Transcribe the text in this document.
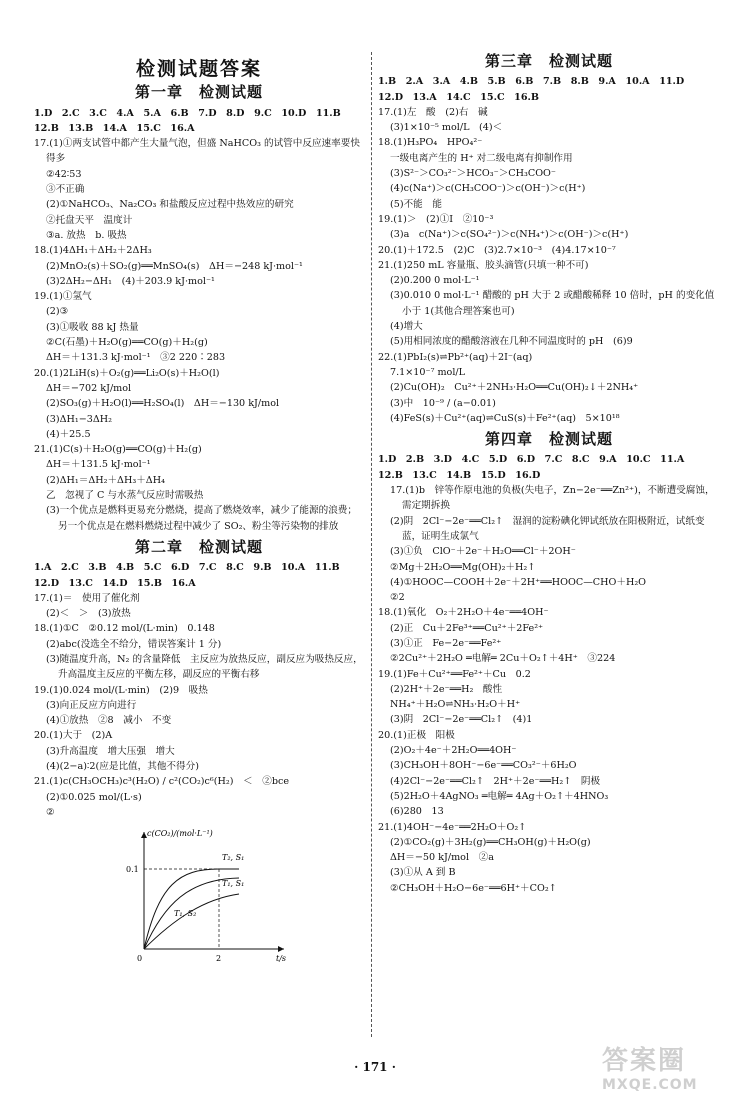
检测试题答案
第一章　检测试题
1.D　2.C　3.C　4.A　5.A　6.B　7.D　8.D　9.C　10.D　11.B
12.B　13.B　14.A　15.C　16.A
17.(1)①两支试管中都产生大量气泡，但盛 NaHCO₃ 的试管中反应速率要快得多
②42∶53
③不正确
(2)①NaHCO₃、Na₂CO₃ 和盐酸反应过程中热效应的研究
②托盘天平　温度计
③a. 放热　b. 吸热
18.(1)4ΔH₁＋ΔH₂＋2ΔH₃
(2)MnO₂(s)＋SO₂(g)══MnSO₄(s)　ΔH＝−248 kJ·mol⁻¹
(3)2ΔH₂−ΔH₁　(4)＋203.9 kJ·mol⁻¹
19.(1)①氢气
(2)③
(3)①吸收 88 kJ 热量
②C(石墨)＋H₂O(g)══CO(g)＋H₂(g)
ΔH＝＋131.3 kJ·mol⁻¹　③2 220∶283
20.(1)2LiH(s)＋O₂(g)══Li₂O(s)＋H₂O(l)
ΔH＝−702 kJ/mol
(2)SO₃(g)＋H₂O(l)══H₂SO₄(l)　ΔH＝−130 kJ/mol
(3)ΔH₁−3ΔH₂
(4)＋25.5
21.(1)C(s)＋H₂O(g)══CO(g)＋H₂(g)
ΔH＝＋131.5 kJ·mol⁻¹
(2)ΔH₁＝ΔH₂＋ΔH₃＋ΔH₄
乙　忽视了 C 与水蒸气反应时需吸热
(3)一个优点是燃料更易充分燃烧，提高了燃烧效率，减少了能源的浪费；另一个优点是在燃料燃烧过程中减少了 SO₂、粉尘等污染物的排放
第二章　检测试题
1.A　2.C　3.B　4.B　5.C　6.D　7.C　8.C　9.B　10.A　11.B
12.D　13.C　14.D　15.B　16.A
17.(1)＝　使用了催化剂
(2)＜　＞　(3)放热
18.(1)①C　②0.12 mol/(L·min)　0.148
(2)abc(没选全不给分，错误答案计 1 分)
(3)随温度升高，N₂ 的含量降低　主反应为放热反应，副反应为吸热反应，升高温度主反应的平衡左移，副反应的平衡右移
19.(1)0.024 mol/(L·min)　(2)9　吸热
(3)向正反应方向进行
(4)①放热　②8　减小　不变
20.(1)大于　(2)A
(3)升高温度　增大压强　增大
(4)(2−a)∶2(应是比值，其他不得分)
21.(1)c(CH₃OCH₃)c³(H₂O) / c²(CO₂)c⁶(H₂)　＜　②bce
(2)①0.025 mol/(L·s)
②
c(CO₂)/(mol·L⁻¹)
t/s
0.1
2
0
T₂, S₁
T₁, S₁
T₁, S₂
第三章　检测试题
1.B　2.A　3.A　4.B　5.B　6.B　7.B　8.B　9.A　10.A　11.D
12.D　13.A　14.C　15.C　16.B
17.(1)左　酸　(2)右　碱
(3)1×10⁻⁵ mol/L　(4)＜
18.(1)H₃PO₄　HPO₄²⁻
一级电离产生的 H⁺ 对二级电离有抑制作用
(3)S²⁻＞CO₃²⁻＞HCO₃⁻＞CH₃COO⁻
(4)c(Na⁺)＞c(CH₃COO⁻)＞c(OH⁻)＞c(H⁺)
(5)不能　能
19.(1)＞　(2)①Ⅰ　②10⁻³
(3)a　c(Na⁺)＞c(SO₄²⁻)＞c(NH₄⁺)＞c(OH⁻)＞c(H⁺)
20.(1)＋172.5　(2)C　(3)2.7×10⁻³　(4)4.17×10⁻⁷
21.(1)250 mL 容量瓶、胶头滴管(只填一种不可)
(2)0.200 0 mol·L⁻¹
(3)0.010 0 mol·L⁻¹ 醋酸的 pH 大于 2 或醋酸稀释 10 倍时，pH 的变化值小于 1(其他合理答案也可)
(4)增大
(5)用相同浓度的醋酸溶液在几种不同温度时的 pH　(6)9
22.(1)PbI₂(s)⇌Pb²⁺(aq)＋2I⁻(aq)
7.1×10⁻⁷ mol/L
(2)Cu(OH)₂　Cu²⁺＋2NH₃·H₂O══Cu(OH)₂↓＋2NH₄⁺
(3)中　10⁻⁹ / (a−0.01)
(4)FeS(s)＋Cu²⁺(aq)⇌CuS(s)＋Fe²⁺(aq)　5×10¹⁸
第四章　检测试题
1.D　2.B　3.D　4.C　5.D　6.D　7.C　8.C　9.A　10.C　11.A
12.B　13.C　14.B　15.D　16.D
17.(1)b　锌等作原电池的负极(失电子，Zn−2e⁻══Zn²⁺)，不断遭受腐蚀，需定期拆换
(2)阴　2Cl⁻−2e⁻══Cl₂↑　湿润的淀粉碘化钾试纸放在阳极附近，试纸变蓝，证明生成氯气
(3)①负　ClO⁻＋2e⁻＋H₂O══Cl⁻＋2OH⁻
②Mg＋2H₂O══Mg(OH)₂＋H₂↑
(4)①HOOC—COOH＋2e⁻＋2H⁺══HOOC—CHO＋H₂O
②2
18.(1)氧化　O₂＋2H₂O＋4e⁻══4OH⁻
(2)正　Cu＋2Fe³⁺══Cu²⁺＋2Fe²⁺
(3)①正　Fe−2e⁻══Fe²⁺
②2Cu²⁺＋2H₂O ═电解═ 2Cu＋O₂↑＋4H⁺　③224
19.(1)Fe＋Cu²⁺══Fe²⁺＋Cu　0.2
(2)2H⁺＋2e⁻══H₂　酸性
NH₄⁺＋H₂O⇌NH₃·H₂O＋H⁺
(3)阴　2Cl⁻−2e⁻══Cl₂↑　(4)1
20.(1)正极　阳极
(2)O₂＋4e⁻＋2H₂O══4OH⁻
(3)CH₃OH＋8OH⁻−6e⁻══CO₃²⁻＋6H₂O
(4)2Cl⁻−2e⁻══Cl₂↑　2H⁺＋2e⁻══H₂↑　阴极
(5)2H₂O＋4AgNO₃ ═电解═ 4Ag＋O₂↑＋4HNO₃
(6)280　13
21.(1)4OH⁻−4e⁻══2H₂O＋O₂↑
(2)①CO₂(g)＋3H₂(g)══CH₃OH(g)＋H₂O(g)
ΔH＝−50 kJ/mol　②a
(3)①从 A 到 B
②CH₃OH＋H₂O−6e⁻══6H⁺＋CO₂↑
· 171 ·	答案圈
MXQE.COM
